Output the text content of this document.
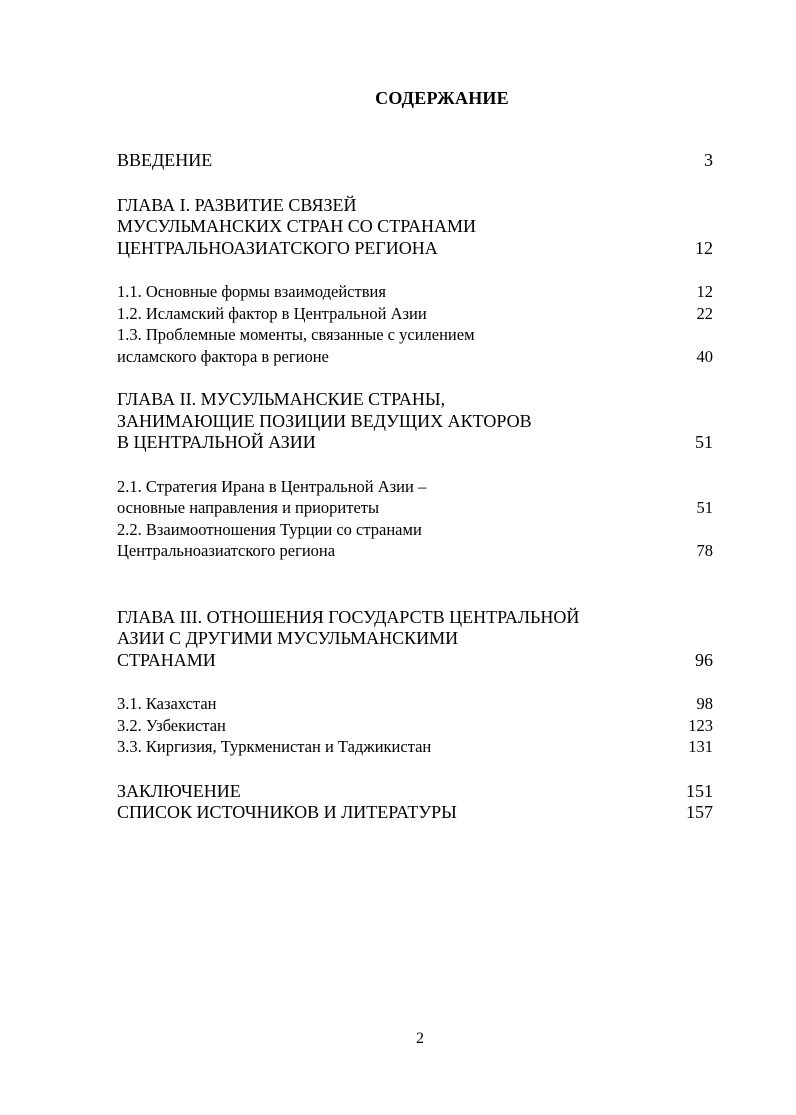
СОДЕРЖАНИЕ
ВВЕДЕНИЕ	3
ГЛАВА I. РАЗВИТИЕ СВЯЗЕЙ
МУСУЛЬМАНСКИХ СТРАН СО СТРАНАМИ
ЦЕНТРАЛЬНОАЗИАТСКОГО РЕГИОНА	12
1.1. Основные формы взаимодействия	12
1.2. Исламский фактор в Центральной Азии	22
1.3. Проблемные моменты, связанные с усилением
исламского фактора в регионе	40
ГЛАВА II. МУСУЛЬМАНСКИЕ СТРАНЫ,
ЗАНИМАЮЩИЕ ПОЗИЦИИ ВЕДУЩИХ АКТОРОВ
В ЦЕНТРАЛЬНОЙ АЗИИ	51
2.1. Стратегия Ирана в Центральной Азии –
основные направления и приоритеты	51
2.2. Взаимоотношения Турции со странами
Центральноазиатского региона	78
ГЛАВА III. ОТНОШЕНИЯ ГОСУДАРСТВ ЦЕНТРАЛЬНОЙ
АЗИИ С ДРУГИМИ МУСУЛЬМАНСКИМИ
СТРАНАМИ	96
3.1. Казахстан	98
3.2. Узбекистан	123
3.3. Киргизия, Туркменистан и Таджикистан	131
ЗАКЛЮЧЕНИЕ	151
СПИСОК ИСТОЧНИКОВ И ЛИТЕРАТУРЫ	157
2
